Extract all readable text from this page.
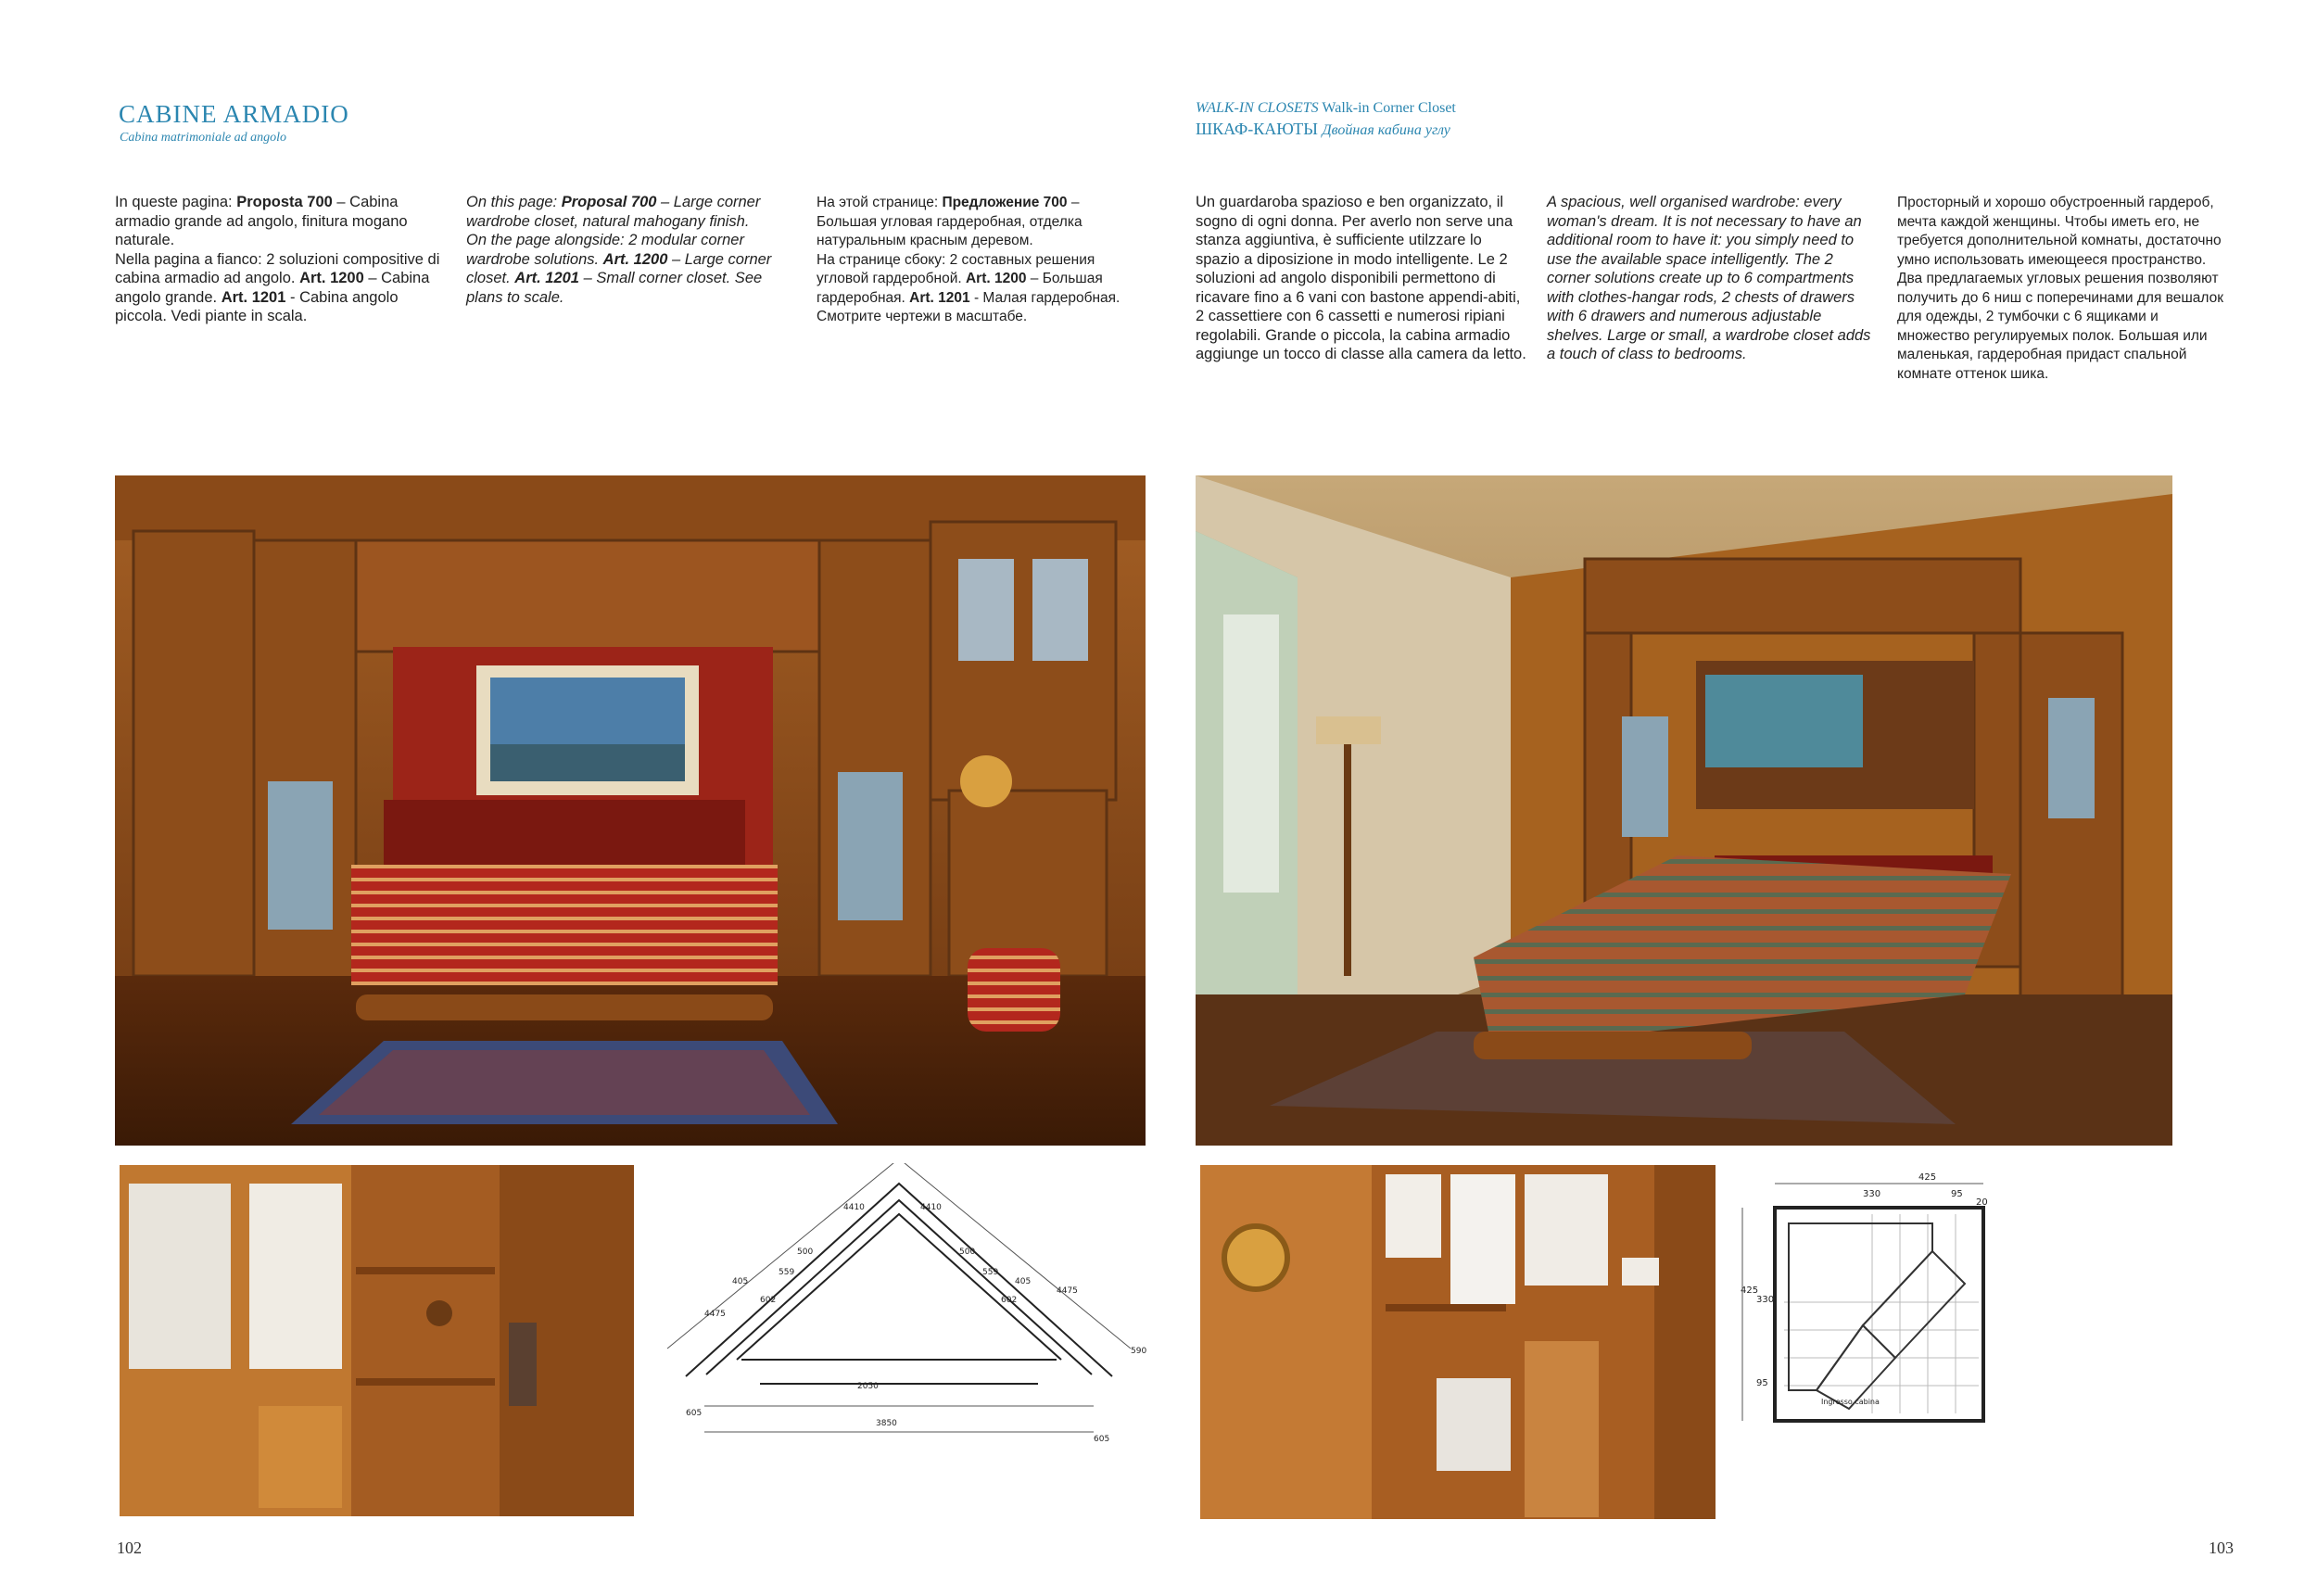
CABINE ARMADIO
Cabina matrimoniale ad angolo
WALK-IN CLOSETS Walk-in Corner Closet
ШКАФ-КАЮТЫ Двойная кабина углу
In queste pagina: Proposta 700 – Cabina armadio grande ad angolo, finitura mogano naturale.
Nella pagina a fianco: 2 soluzioni compositive di cabina armadio ad angolo. Art. 1200 – Cabina angolo grande. Art. 1201 - Cabina angolo piccola. Vedi piante in scala.
On this page: Proposal 700 – Large corner wardrobe closet, natural mahogany finish.
On the page alongside: 2 modular corner wardrobe solutions. Art. 1200 – Large corner closet. Art. 1201 – Small corner closet. See plans to scale.
На этой странице: Предложение 700 – Большая угловая гардеробная, отделка натуральным красным деревом.
На странице сбоку: 2 составных решения угловой гардеробной. Art. 1200 – Большая гардеробная. Art. 1201 - Малая гардеробная. Смотрите чертежи в масштабе.
Un guardaroba spazioso e ben organizzato, il sogno di ogni donna. Per averlo non serve una stanza aggiuntiva, è sufficiente utilzzare lo spazio a diposizione in modo intelligente. Le 2 soluzioni ad angolo disponibili permettono di ricavare fino a 6 vani con bastone appendi-abiti, 2 cassettiere con 6 cassetti e numerosi ripiani regolabili. Grande o piccola, la cabina armadio aggiunge un tocco di classe alla camera da letto.
A spacious, well organised wardrobe: every woman's dream. It is not necessary to have an additional room to have it: you simply need to use the available space intelligently. The 2 corner solutions create up to 6 compartments with clothes-hangar rods, 2 chests of drawers with 6 drawers and numerous adjustable shelves. Large or small, a wardrobe closet adds a touch of class to bedrooms.
Просторный и хорошо обустроенный гардероб, мечта каждой женщины. Чтобы иметь его, не требуется дополнительной комнаты, достаточно умно использовать имеющееся пространство. Два предлагаемых угловых решения позволяют получить до 6 ниш с поперечинами для вешалок для одежды, 2 тумбочки с 6 ящиками и множество регулируемых полок. Большая или маленькая, гардеробная придаст спальной комнате оттенок шика.
4410	4410
500	500
559	559
405	405
602	602
4475
4475
590
2050
3850
605
605
425
330	95
425
330
95
20
Ingresso cabina
102	103
